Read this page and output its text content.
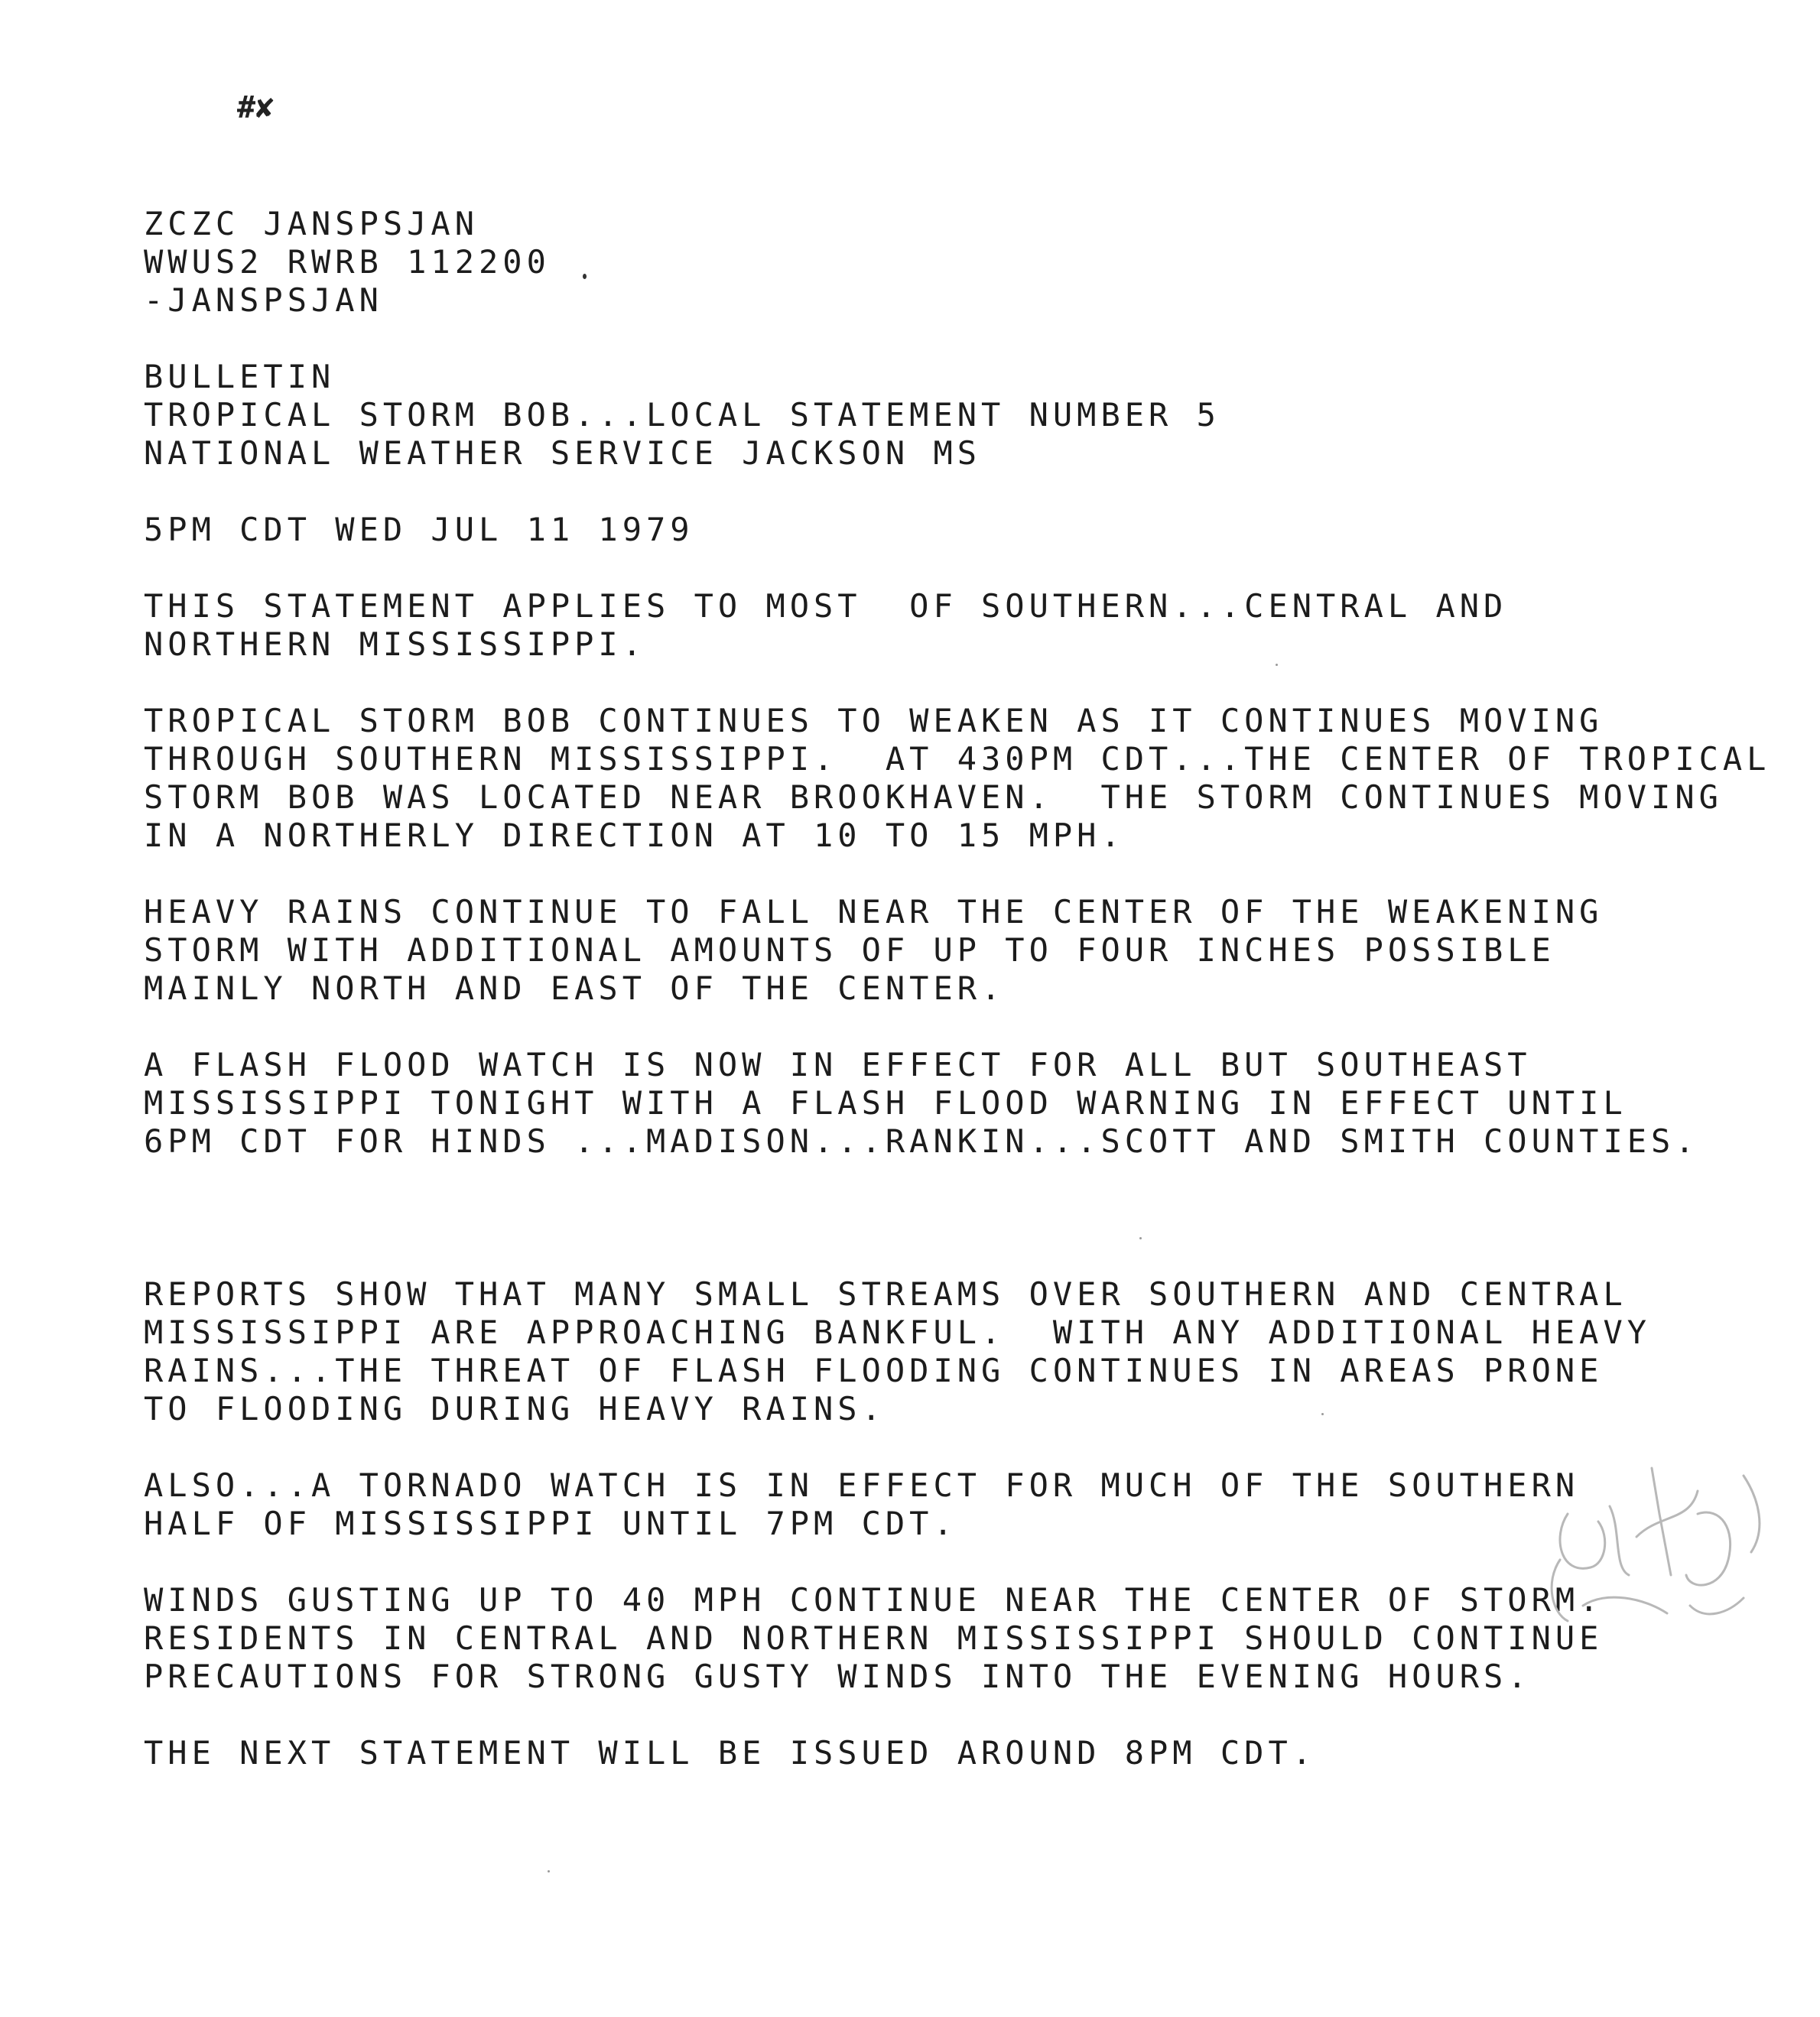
#✘
ZCZC JANSPSJAN
WWUS2 RWRB 112200
-JANSPSJAN
BULLETIN
TROPICAL STORM BOB...LOCAL STATEMENT NUMBER 5
NATIONAL WEATHER SERVICE JACKSON MS
5PM CDT WED JUL 11 1979
THIS STATEMENT APPLIES TO MOST  OF SOUTHERN...CENTRAL AND
NORTHERN MISSISSIPPI.
TROPICAL STORM BOB CONTINUES TO WEAKEN AS IT CONTINUES MOVING
THROUGH SOUTHERN MISSISSIPPI.  AT 430PM CDT...THE CENTER OF TROPICAL
STORM BOB WAS LOCATED NEAR BROOKHAVEN.  THE STORM CONTINUES MOVING
IN A NORTHERLY DIRECTION AT 10 TO 15 MPH.
HEAVY RAINS CONTINUE TO FALL NEAR THE CENTER OF THE WEAKENING
STORM WITH ADDITIONAL AMOUNTS OF UP TO FOUR INCHES POSSIBLE
MAINLY NORTH AND EAST OF THE CENTER.
A FLASH FLOOD WATCH IS NOW IN EFFECT FOR ALL BUT SOUTHEAST
MISSISSIPPI TONIGHT WITH A FLASH FLOOD WARNING IN EFFECT UNTIL
6PM CDT FOR HINDS ...MADISON...RANKIN...SCOTT AND SMITH COUNTIES.
REPORTS SHOW THAT MANY SMALL STREAMS OVER SOUTHERN AND CENTRAL
MISSISSIPPI ARE APPROACHING BANKFUL.  WITH ANY ADDITIONAL HEAVY
RAINS...THE THREAT OF FLASH FLOODING CONTINUES IN AREAS PRONE
TO FLOODING DURING HEAVY RAINS.
ALSO...A TORNADO WATCH IS IN EFFECT FOR MUCH OF THE SOUTHERN
HALF OF MISSISSIPPI UNTIL 7PM CDT.
WINDS GUSTING UP TO 40 MPH CONTINUE NEAR THE CENTER OF STORM.
RESIDENTS IN CENTRAL AND NORTHERN MISSISSIPPI SHOULD CONTINUE
PRECAUTIONS FOR STRONG GUSTY WINDS INTO THE EVENING HOURS.
THE NEXT STATEMENT WILL BE ISSUED AROUND 8PM CDT.
